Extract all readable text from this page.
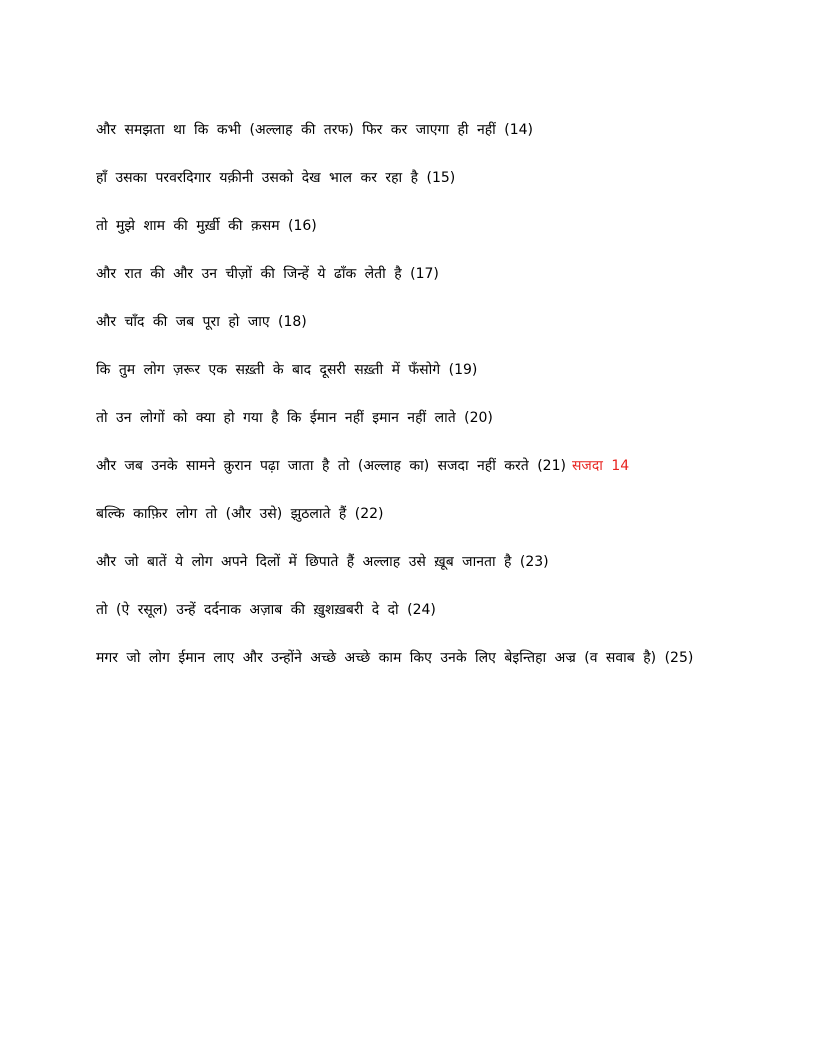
और समझता था कि कभी (अल्लाह की तरफ) फिर कर जाएगा ही नहीं (14)

हाँ उसका परवरदिगार यक़ीनी उसको देख भाल कर रहा है (15)

तो मुझे शाम की मुर्ख़ी की क़सम (16)

और रात की और उन चीज़ों की जिन्हें ये ढाँक लेती है (17)

और चाँद की जब पूरा हो जाए (18)

कि तुम लोग ज़रूर एक सख़्ती के बाद दूसरी सख़्ती में फँसोगे (19)

तो उन लोगों को क्या हो गया है कि ईमान नहीं इमान नहीं लाते (20)

और जब उनके सामने क़ुरान पढ़ा जाता है तो (अल्लाह का) सजदा नहीं करते (21) सजदा 14

बल्कि काफ़िर लोग तो (और उसे) झुठलाते हैं (22)

और जो बातें ये लोग अपने दिलों में छिपाते हैं अल्लाह उसे ख़ूब जानता है (23)

तो (ऐ रसूल) उन्हें दर्दनाक अज़ाब की ख़ुशख़बरी दे दो (24)

मगर जो लोग ईमान लाए और उन्होंने अच्छे अच्छे काम किए उनके लिए बेइन्तिहा अज्र (व सवाब है) (25)
